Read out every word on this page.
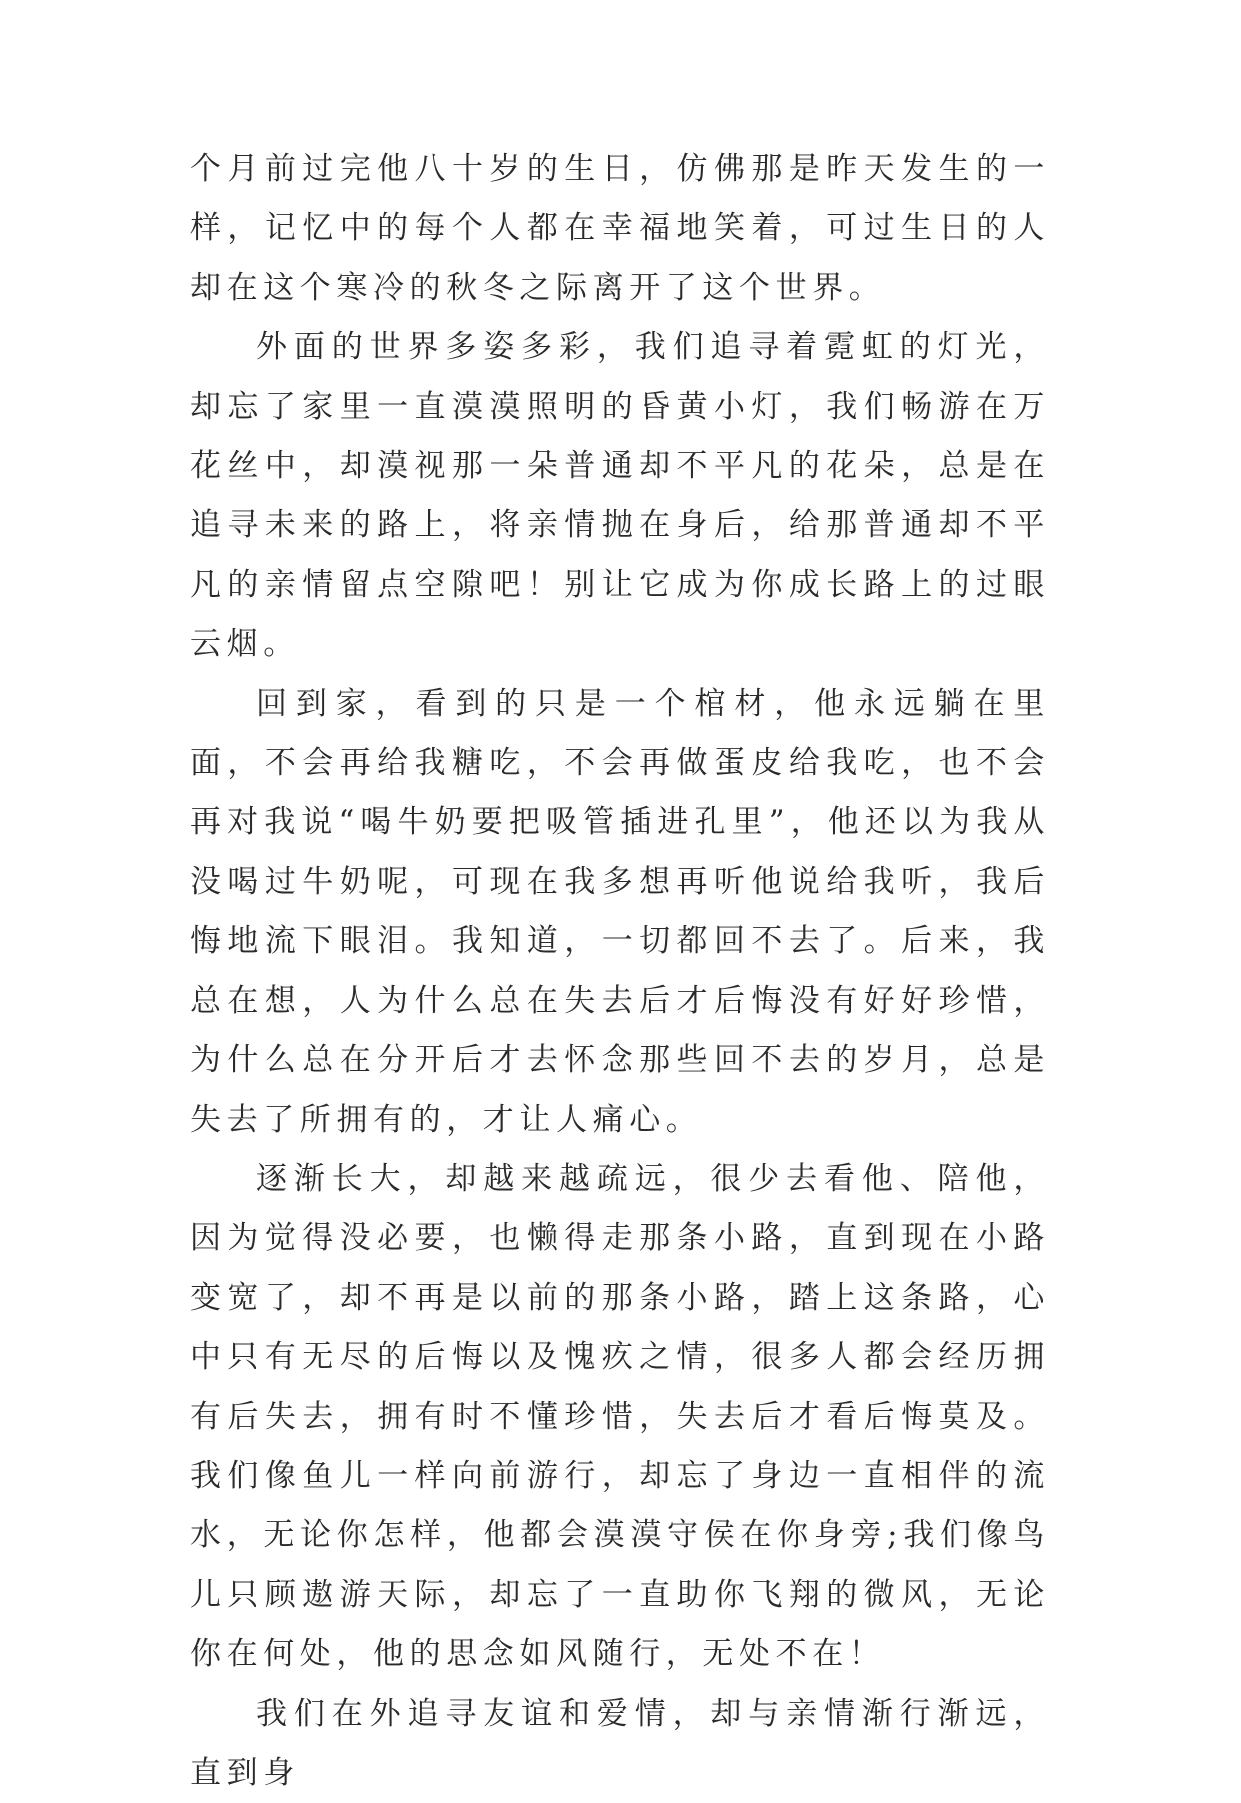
个月前过完他八十岁的生日，仿佛那是昨天发生的一样，记忆中的每个人都在幸福地笑着，可过生日的人却在这个寒冷的秋冬之际离开了这个世界。

外面的世界多姿多彩，我们追寻着霓虹的灯光，却忘了家里一直漠漠照明的昏黄小灯，我们畅游在万花丝中，却漠视那一朵普通却不平凡的花朵，总是在追寻未来的路上，将亲情抛在身后，给那普通却不平凡的亲情留点空隙吧！别让它成为你成长路上的过眼云烟。

回到家，看到的只是一个棺材，他永远躺在里面，不会再给我糖吃，不会再做蛋皮给我吃，也不会再对我说“喝牛奶要把吸管插进孔里”，他还以为我从没喝过牛奶呢，可现在我多想再听他说给我听，我后悔地流下眼泪。我知道，一切都回不去了。后来，我总在想，人为什么总在失去后才后悔没有好好珍惜，为什么总在分开后才去怀念那些回不去的岁月，总是失去了所拥有的，才让人痛心。

逐渐长大，却越来越疏远，很少去看他、陪他，因为觉得没必要，也懒得走那条小路，直到现在小路变宽了，却不再是以前的那条小路，踏上这条路，心中只有无尽的后悔以及愧疚之情，很多人都会经历拥有后失去，拥有时不懂珍惜，失去后才看后悔莫及。我们像鱼儿一样向前游行，却忘了身边一直相伴的流水，无论你怎样，他都会漠漠守侯在你身旁;我们像鸟儿只顾遨游天际，却忘了一直助你飞翔的微风，无论你在何处，他的思念如风随行，无处不在！

我们在外追寻友谊和爱情，却与亲情渐行渐远，直到身
